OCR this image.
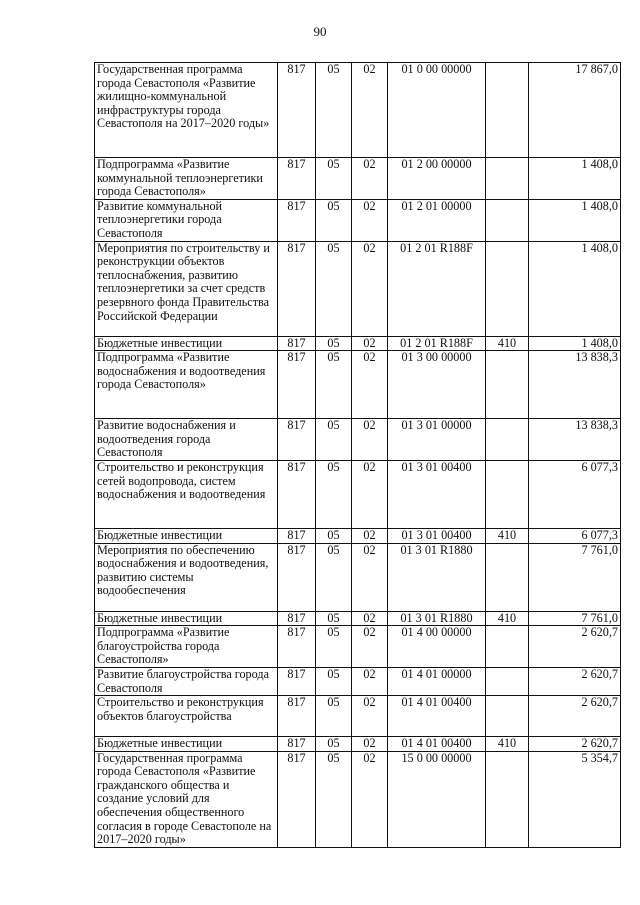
90
Государственная программа города Севастополя «Развитие жилищно-коммунальной инфраструктуры города Севастополя на 2017–2020 годы»	817	05	02	01 0 00 00000		17 867,0
Подпрограмма «Развитие коммунальной теплоэнергетики города Севастополя»	817	05	02	01 2 00 00000		1 408,0
Развитие коммунальной теплоэнергетики города Севастополя	817	05	02	01 2 01 00000		1 408,0
Мероприятия по строительству и реконструкции объектов теплоснабжения, развитию теплоэнергетики за счет средств резервного фонда Правительства Российской Федерации	817	05	02	01 2 01 R188F		1 408,0
Бюджетные инвестиции	817	05	02	01 2 01 R188F	410	1 408,0
Подпрограмма «Развитие водоснабжения и водоотведения города Севастополя»	817	05	02	01 3 00 00000		13 838,3
Развитие водоснабжения и водоотведения города Севастополя	817	05	02	01 3 01 00000		13 838,3
Строительство и реконструкция сетей водопровода, систем водоснабжения и водоотведения	817	05	02	01 3 01 00400		6 077,3
Бюджетные инвестиции	817	05	02	01 3 01 00400	410	6 077,3
Мероприятия по обеспечению водоснабжения и водоотведения, развитию системы водообеспечения	817	05	02	01 3 01 R1880		7 761,0
Бюджетные инвестиции	817	05	02	01 3 01 R1880	410	7 761,0
Подпрограмма «Развитие благоустройства города Севастополя»	817	05	02	01 4 00 00000		2 620,7
Развитие благоустройства города Севастополя	817	05	02	01 4 01 00000		2 620,7
Строительство и реконструкция объектов благоустройства	817	05	02	01 4 01 00400		2 620,7
Бюджетные инвестиции	817	05	02	01 4 01 00400	410	2 620,7
Государственная программа города Севастополя «Развитие гражданского общества и создание условий для обеспечения общественного согласия в городе Севастополе на 2017–2020 годы»	817	05	02	15 0 00 00000		5 354,7
